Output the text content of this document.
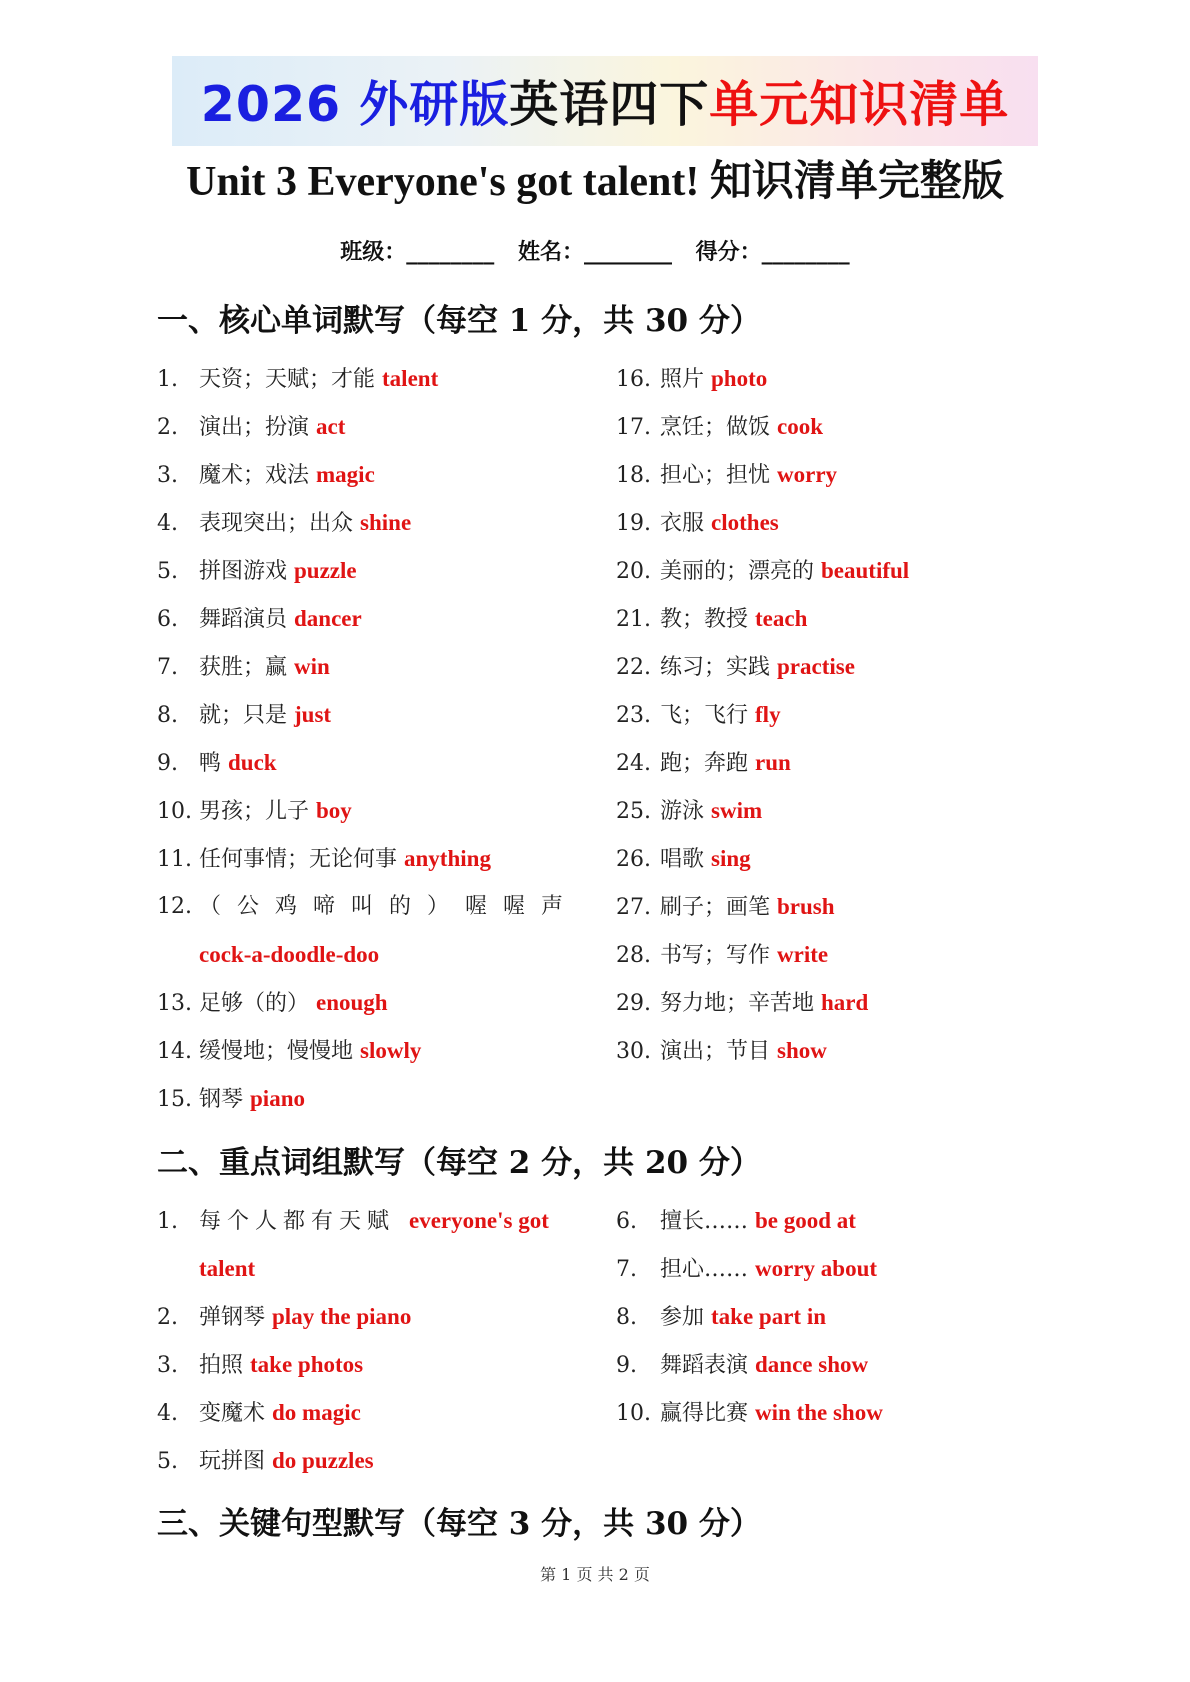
2026 外研版英语四下单元知识清单
Unit 3 Everyone's got talent! 知识清单完整版
班级：________ 姓名：________ 得分：________
一、核心单词默写（每空 1 分，共 30 分）
1. 天资；天赋；才能 talent
2. 演出；扮演 act
3. 魔术；戏法 magic
4. 表现突出；出众 shine
5. 拼图游戏 puzzle
6. 舞蹈演员 dancer
7. 获胜；赢 win
8. 就；只是 just
9. 鸭 duck
10. 男孩；儿子 boy
11. 任何事情；无论何事 anything
12. （公鸡啼叫的）喔喔声
cock-a-doodle-doo
13. 足够（的） enough
14. 缓慢地；慢慢地 slowly
15. 钢琴 piano
16. 照片 photo
17. 烹饪；做饭 cook
18. 担心；担忧 worry
19. 衣服 clothes
20. 美丽的；漂亮的 beautiful
21. 教；教授 teach
22. 练习；实践 practise
23. 飞；飞行 fly
24. 跑；奔跑 run
25. 游泳 swim
26. 唱歌 sing
27. 刷子；画笔 brush
28. 书写；写作 write
29. 努力地；辛苦地 hard
30. 演出；节目 show
二、重点词组默写（每空 2 分，共 20 分）
1. 每个人都有天赋 everyone's got
talent
2. 弹钢琴 play the piano
3. 拍照 take photos
4. 变魔术 do magic
5. 玩拼图 do puzzles
6. 擅长…… be good at
7. 担心…… worry about
8. 参加 take part in
9. 舞蹈表演 dance show
10. 赢得比赛 win the show
三、关键句型默写（每空 3 分，共 30 分）
第 1 页 共 2 页
